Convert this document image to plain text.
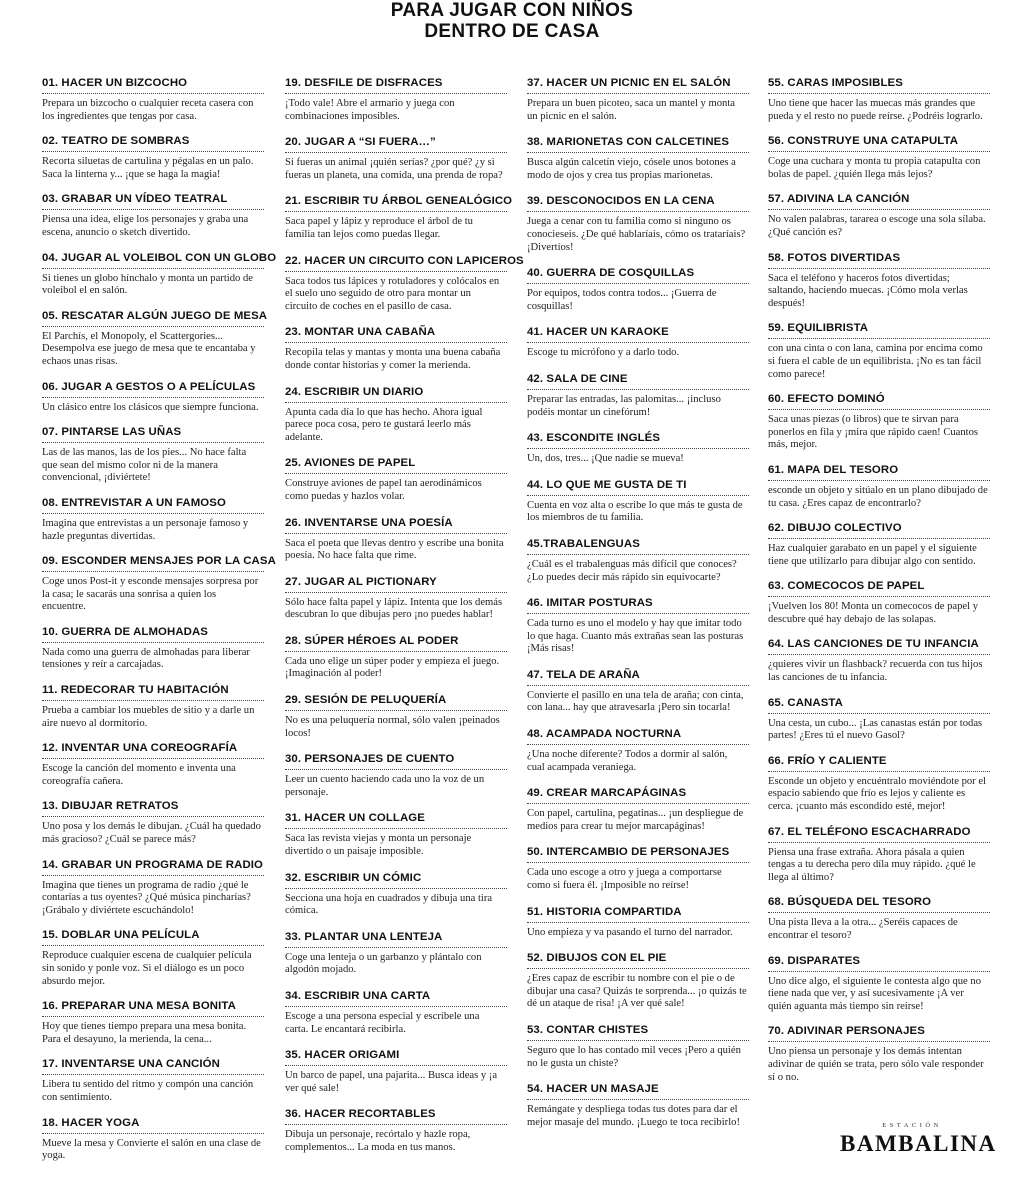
PARA JUGAR CON NIÑOS
DENTRO DE CASA
01. HACER UN BIZCOCHO
Prepara un bizcocho o cualquier receta casera con los ingredientes que tengas por casa.
02. TEATRO DE SOMBRAS
Recorta siluetas de cartulina y pégalas en un palo. Saca la linterna y... ¡que se haga la magia!
03. GRABAR UN VÍDEO TEATRAL
Piensa una idea, elige los personajes y graba una escena, anuncio o sketch divertido.
04. JUGAR AL VOLEIBOL CON UN GLOBO
Si tienes un globo hínchalo y monta un partido de voleibol el en salón.
05. RESCATAR ALGÚN JUEGO DE MESA
El Parchís, el Monopoly, el Scattergories... Desempolva ese juego de mesa que te encantaba y echaos unas risas.
06. JUGAR A GESTOS O A PELÍCULAS
Un clásico entre los clásicos que siempre funciona.
07. PINTARSE LAS UÑAS
Las de las manos, las de los pies... No hace falta que sean del mismo color ni de la manera convencional, ¡diviértete!
08. ENTREVISTAR A UN FAMOSO
Imagina que entrevistas a un personaje famoso y hazle preguntas divertidas.
09. ESCONDER MENSAJES POR LA CASA
Coge unos Post-it y esconde mensajes sorpresa por la casa; le sacarás una sonrisa a quien los encuentre.
10. GUERRA DE ALMOHADAS
Nada como una guerra de almohadas para liberar tensiones y reír a carcajadas.
11. REDECORAR TU HABITACIÓN
Prueba a cambiar los muebles de sitio y a darle un aire nuevo al dormitorio.
12. INVENTAR UNA COREOGRAFÍA
Escoge la canción del momento e inventa una coreografía cañera.
13. DIBUJAR RETRATOS
Uno posa y los demás le dibujan. ¿Cuál ha quedado más gracioso? ¿Cuál se parece más?
14. GRABAR UN PROGRAMA DE RADIO
Imagina que tienes un programa de radio ¿qué le contarías a tus oyentes? ¿Qué música pincharías? ¡Grábalo y diviértete escuchándolo!
15. DOBLAR UNA PELÍCULA
Reproduce cualquier escena de cualquier película sin sonido y ponle voz. Si el diálogo es un poco absurdo mejor.
16. PREPARAR UNA MESA BONITA
Hoy que tienes tiempo prepara una mesa bonita. Para el desayuno, la merienda, la cena...
17. INVENTARSE UNA CANCIÓN
Libera tu sentido del ritmo y compón una canción con sentimiento.
18. HACER YOGA
Mueve la mesa y Convierte el salón en una clase de yoga.
19. DESFILE DE DISFRACES
¡Todo vale! Abre el armario y juega con combinaciones imposibles.
20. JUGAR A “SI FUERA…”
Si fueras un animal ¡quién serías? ¿por qué? ¿y si fueras un planeta, una comida, una prenda de ropa?
21. ESCRIBIR TU ÁRBOL GENEALÓGICO
Saca papel y lápiz y reproduce el árbol de tu familia tan lejos como puedas llegar.
22. HACER UN CIRCUITO CON LAPICEROS
Saca todos tus lápices y rotuladores y colócalos en el suelo uno seguido de otro para montar un circuito de coches en el pasillo de casa.
23. MONTAR UNA CABAÑA
Recopila telas y mantas y monta una buena cabaña donde contar historias y comer la merienda.
24. ESCRIBIR UN DIARIO
Apunta cada día lo que has hecho. Ahora igual parece poca cosa, pero te gustará leerlo más adelante.
25. AVIONES DE PAPEL
Construye aviones de papel tan aerodinámicos como puedas y hazlos volar.
26. INVENTARSE UNA POESÍA
Saca el poeta que llevas dentro y escribe una bonita poesía. No hace falta que rime.
27. JUGAR AL PICTIONARY
Sólo hace falta papel y lápiz. Intenta que los demás descubran lo que dibujas pero ¡no puedes hablar!
28. SÚPER HÉROES AL PODER
Cada uno elige un súper poder y empieza el juego. ¡Imaginación al poder!
29. SESIÓN DE PELUQUERÍA
No es una peluquería normal, sólo valen ¡peinados locos!
30. PERSONAJES DE CUENTO
Leer un cuento haciendo cada uno la voz de un personaje.
31. HACER UN COLLAGE
Saca las revista viejas y monta un personaje divertido o un paisaje imposible.
32. ESCRIBIR UN CÓMIC
Secciona una hoja en cuadrados y dibuja una tira cómica.
33. PLANTAR UNA LENTEJA
Coge una lenteja o un garbanzo y plántalo con algodón mojado.
34. ESCRIBIR UNA CARTA
Escoge a una persona especial y escríbele una carta. Le encantará recibirla.
35. HACER ORIGAMI
Un barco de papel, una pajarita... Busca ideas y ¡a ver qué sale!
36. HACER RECORTABLES
Dibuja un personaje, recórtalo y hazle ropa, complementos... La moda en tus manos.
37. HACER UN PICNIC EN EL SALÓN
Prepara un buen picoteo, saca un mantel y monta un picnic en el salón.
38. MARIONETAS CON CALCETINES
Busca algún calcetín viejo, cósele unos botones a modo de ojos y crea tus propias marionetas.
39. DESCONOCIDOS EN LA CENA
Juega a cenar con tu familia como si ninguno os conocieseis. ¿De qué hablaríais, cómo os trataríais? ¡Divertíos!
40. GUERRA DE COSQUILLAS
Por equipos, todos contra todos... ¡Guerra de cosquillas!
41. HACER UN KARAOKE
Escoge tu micrófono y a darlo todo.
42. SALA DE CINE
Preparar las entradas, las palomitas... ¡incluso podéis montar un cinefórum!
43. ESCONDITE INGLÉS
Un, dos, tres... ¡Que nadie se mueva!
44. LO QUE ME GUSTA DE TI
Cuenta en voz alta o escribe lo que más te gusta de los miembros de tu familia.
45.TRABALENGUAS
¿Cuál es el trabalenguas más difícil que conoces? ¿Lo puedes decir más rápido sin equivocarte?
46. IMITAR POSTURAS
Cada turno es uno el modelo y hay que imitar todo lo que haga. Cuanto más extrañas sean las posturas ¡Más risas!
47. TELA DE ARAÑA
Convierte el pasillo en una tela de araña; con cinta, con lana... hay que atravesarla ¡Pero sin tocarla!
48. ACAMPADA NOCTURNA
¿Una noche diferente? Todos a dormir al salón, cual acampada veraniega.
49. CREAR MARCAPÁGINAS
Con papel, cartulina, pegatinas... ¡un despliegue de medios para crear tu mejor marcapáginas!
50. INTERCAMBIO DE PERSONAJES
Cada uno escoge a otro y juega a comportarse como si fuera él. ¡Imposible no reírse!
51. HISTORIA COMPARTIDA
Uno empieza y va pasando el turno del narrador.
52. DIBUJOS CON EL PIE
¿Eres capaz de escribir tu nombre con el pie o de dibujar una casa? Quizás te sorprenda... ¡o quizás te dé un ataque de risa! ¡A ver qué sale!
53. CONTAR CHISTES
Seguro que lo has contado mil veces ¡Pero a quién no le gusta un chiste?
54. HACER UN MASAJE
Remángate y despliega todas tus dotes para dar el mejor masaje del mundo. ¡Luego te toca recibirlo!
55. CARAS IMPOSIBLES
Uno tiene que hacer las muecas más grandes que pueda y el resto no puede reírse. ¿Podréis lograrlo.
56. CONSTRUYE UNA CATAPULTA
Coge una cuchara y monta tu propia catapulta con bolas de papel. ¿quién llega más lejos?
57. ADIVINA LA CANCIÓN
No valen palabras, tararea o escoge una sola sílaba. ¿Qué canción es?
58. FOTOS DIVERTIDAS
Saca el teléfono y haceros fotos divertidas; saltando, haciendo muecas. ¡Cómo mola verlas después!
59. EQUILIBRISTA
con una cinta o con lana, camina por encima como si fuera el cable de un equilibrista. ¡No es tan fácil como parece!
60. EFECTO DOMINÓ
Saca unas piezas (o libros) que te sirvan para ponerlos en fila y ¡mira que rápido caen! Cuantos más, mejor.
61. MAPA DEL TESORO
esconde un objeto y sitúalo en un plano dibujado de tu casa. ¿Eres capaz de encontrarlo?
62. DIBUJO COLECTIVO
Haz cualquier garabato en un papel y el siguiente tiene que utilizarlo para dibujar algo con sentido.
63. COMECOCOS DE PAPEL
¡Vuelven los 80! Monta un comecocos de papel y descubre qué hay debajo de las solapas.
64. LAS CANCIONES DE TU INFANCIA
¿quieres vivir un flashback? recuerda con tus hijos las canciones de tu infancia.
65. CANASTA
Una cesta, un cubo... ¡Las canastas están por todas partes! ¿Eres tú el nuevo Gasol?
66. FRÍO Y CALIENTE
Esconde un objeto y encuéntralo moviéndote por el espacio sabiendo que frío es lejos y caliente es cerca. ¡cuanto más escondido esté, mejor!
67. EL TELÉFONO ESCACHARRADO
Piensa una frase extraña. Ahora pásala a quien tengas a tu derecha pero díla muy rápido. ¿qué le llega al último?
68. BÚSQUEDA DEL TESORO
Una pista lleva a la otra... ¿Seréis capaces de encontrar el tesoro?
69. DISPARATES
Uno dice algo, el siguiente le contesta algo que no tiene nada que ver, y así sucesivamente ¡A ver quién aguanta más tiempo sin reírse!
70. ADIVINAR PERSONAJES
Uno piensa un personaje y los demás intentan adivinar de quién se trata, pero sólo vale responder sí o no.
ESTACIÓN
BAMBALINA
